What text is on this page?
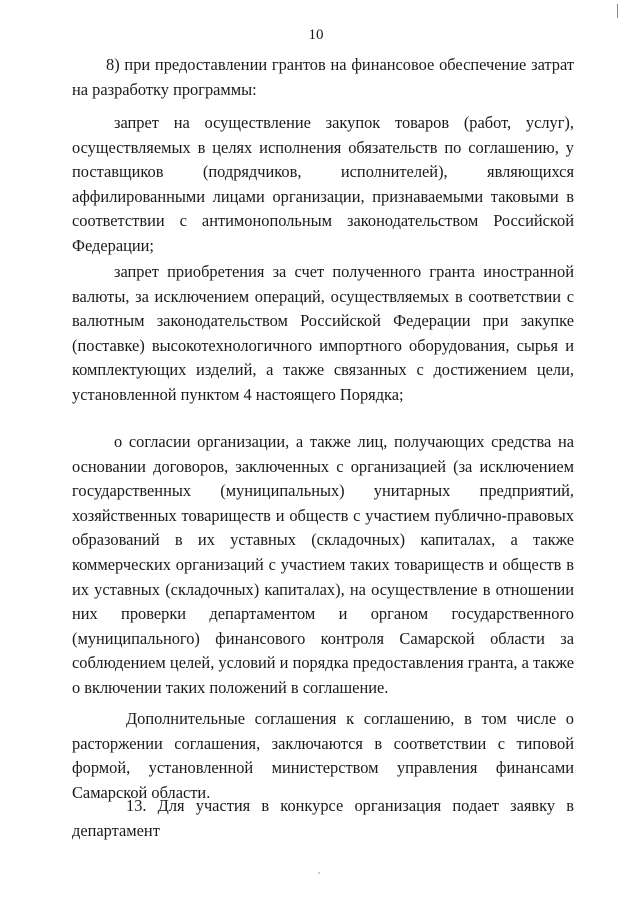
10

8) при предоставлении грантов на финансовое обеспечение затрат на разработку программы:

запрет на осуществление закупок товаров (работ, услуг), осуществляемых в целях исполнения обязательств по соглашению, у поставщиков (подрядчиков, исполнителей), являющихся аффилированными лицами организации, признаваемыми таковыми в соответствии с антимонопольным законодательством Российской Федерации;

запрет приобретения за счет полученного гранта иностранной валюты, за исключением операций, осуществляемых в соответствии с валютным законодательством Российской Федерации при закупке (поставке) высокотехнологичного импортного оборудования, сырья и комплектующих изделий, а также связанных с достижением цели, установленной пунктом 4 настоящего Порядка;

о согласии организации, а также лиц, получающих средства на основании договоров, заключенных с организацией (за исключением государственных (муниципальных) унитарных предприятий, хозяйственных товариществ и обществ с участием публично-правовых образований в их уставных (складочных) капиталах, а также коммерческих организаций с участием таких товариществ и обществ в их уставных (складочных) капиталах), на осуществление в отношении них проверки департаментом и органом государственного (муниципального) финансового контроля Самарской области за соблюдением целей, условий и порядка предоставления гранта, а также о включении таких положений в соглашение.

Дополнительные соглашения к соглашению, в том числе о расторжении соглашения, заключаются в соответствии с типовой формой, установленной министерством управления финансами Самарской области.

13. Для участия в конкурсе организация подает заявку в департамент
